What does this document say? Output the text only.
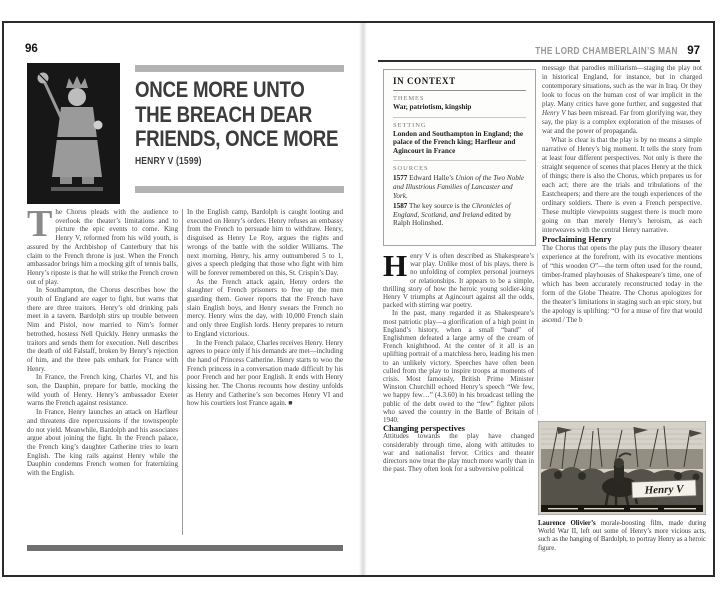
96
ONCE MORE UNTO
THE BREACH DEAR
FRIENDS, ONCE MORE
HENRY V (1599)

The Chorus pleads with the audience to overlook the theater’s limitations and to picture the epic events to come. King Henry V, reformed from his wild youth, is assured by the Archbishop of Canterbury that his claim to the French throne is just. When the French ambassador brings him a mocking gift of tennis balls, Henry’s riposte is that he will strike the French crown out of play.

In Southampton, the Chorus describes how the youth of England are eager to fight, but warns that there are three traitors. Henry’s old drinking pals meet in a tavern. Bardolph stirs up trouble between Nim and Pistol, now married to Nim’s former betrothed, hostess Nell Quickly. Henry unmasks the traitors and sends them for execution. Nell describes the death of old Falstaff, broken by Henry’s rejection of him, and the three pals embark for France with Henry.

In France, the French king, Charles VI, and his son, the Dauphin, prepare for battle, mocking the wild youth of Henry. Henry’s ambassador Exeter warns the French against resistance.

In France, Henry launches an attack on Harfleur and threatens dire repercussions if the townspeople do not yield. Meanwhile, Bardolph and his associates argue about joining the fight. In the French palace, the French king’s daughter Catherine tries to learn English. The king rails against Henry while the Dauphin condemns French women for fraternizing with the English.

In the English camp, Bardolph is caught looting and executed on Henry’s orders. Henry refuses an embassy from the French to persuade him to withdraw. Henry, disguised as Henry Le Roy, argues the rights and wrongs of the battle with the soldier Williams. The next morning, Henry, his army outnumbered 5 to 1, gives a speech pledging that those who fight with him will be forever remembered on this, St. Crispin’s Day.

As the French attack again, Henry orders the slaughter of French prisoners to free up the men guarding them. Gower reports that the French have slain English boys, and Henry swears the French no mercy. Henry wins the day, with 10,000 French slain and only three English lords. Henry prepares to return to England victorious.

In the French palace, Charles receives Henry. Henry agrees to peace only if his demands are met—including the hand of Princess Catherine. Henry starts to woo the French princess in a conversation made difficult by his poor French and her poor English. It ends with Henry kissing her. The Chorus recounts how destiny unfolds as Henry and Catherine’s son becomes Henry VI and how his courtiers lost France again. ■

THE LORD CHAMBERLAIN’S MAN 97
IN CONTEXT
THEMES
War, patriotism, kingship
SETTING
London and Southampton in England; the palace of the French king; Harfleur and Agincourt in France
SOURCES
1577 Edward Halle’s Union of the Two Noble and Illustrious Families of Lancaster and York.
1587 The key source is the Chronicles of England, Scotland, and Ireland edited by Ralph Holinshed.

Henry V is often described as Shakespeare’s war play. Unlike most of his plays, there is no unfolding of complex personal journeys or relationships. It appears to be a simple, thrilling story of how the heroic young soldier-king Henry V triumphs at Agincourt against all the odds, packed with stirring war poetry.

In the past, many regarded it as Shakespeare’s most patriotic play—a glorification of a high point in England’s history, when a small “band” of Englishmen defeated a large army of the cream of French knighthood. At the center of it all is an uplifting portrait of a matchless hero, leading his men to an unlikely victory. Speeches have often been culled from the play to inspire troops at moments of crisis. Most famously, British Prime Minister Winston Churchill echoed Henry’s speech “We few, we happy few…” (4.3.60) in his broadcast telling the public of the debt owed to the “few” fighter pilots who saved the country in the Battle of Britain of 1940.

Changing perspectives

Attitudes towards the play have changed considerably through time, along with attitudes to war and nationalist fervor. Critics and theater directors now treat the play much more warily than in the past. They often look for a subversive political

message that parodies militarism—staging the play not in historical England, for instance, but in charged contemporary situations, such as the war in Iraq. Or they look to focus on the human cost of war implicit in the play. Many critics have gone further, and suggested that Henry V has been misread. Far from glorifying war, they say, the play is a complex exploration of the misuses of war and the power of propaganda.

What is clear is that the play is by no means a simple narrative of Henry’s big moment. It tells the story from at least four different perspectives. Not only is there the straight sequence of scenes that places Henry at the thick of things; there is also the Chorus, which prepares us for each act; there are the trials and tribulations of the Eastcheapers; and there are the tough experiences of the ordinary soldiers. There is even a French perspective. These multiple viewpoints suggest there is much more going on than merely Henry’s heroism, as each interweaves with the central Henry narrative.

Proclaiming Henry

The Chorus that opens the play puts the illusory theater experience at the forefront, with its evocative mentions of “this wooden O”—the term often used for the round, timber-framed playhouses of Shakespeare’s time, one of which has been accurately reconstructed today in the form of the Globe Theatre. The Chorus apologizes for the theater’s limitations in staging such an epic story, but the apology is uplifting: “O for a muse of fire that would ascend / The b

Henry V
Laurence Olivier’s morale-boosting film, made during World War II, left out some of Henry’s more vicious acts, such as the hanging of Bardolph, to portray Henry as a heroic figure.
